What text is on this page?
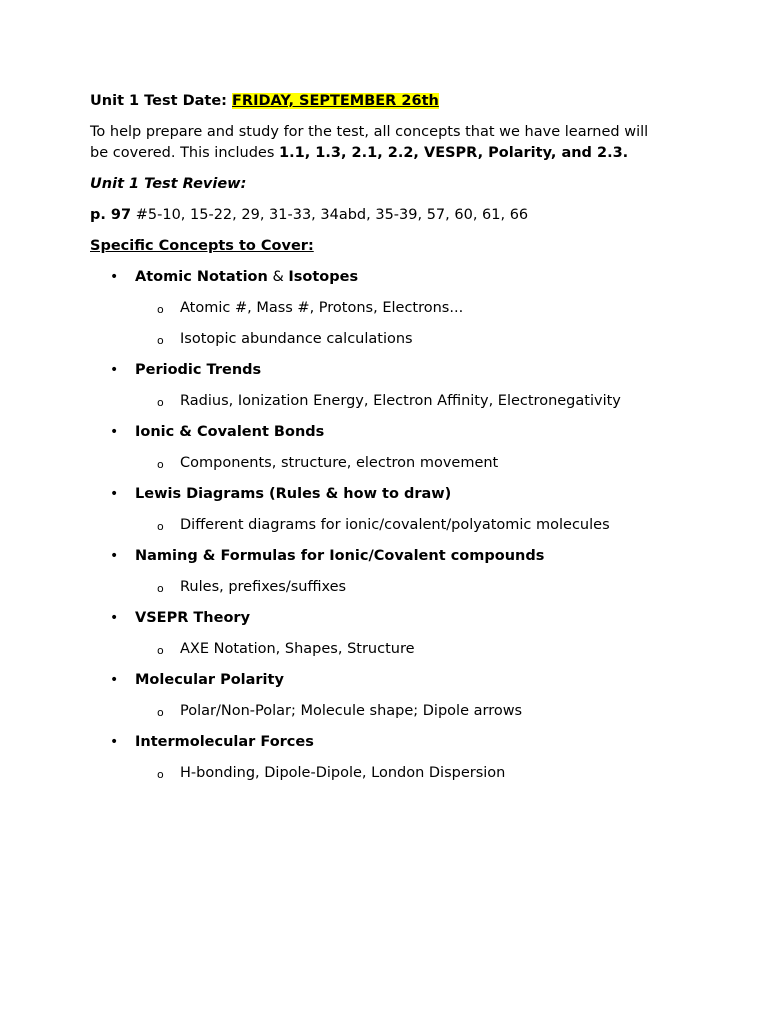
Unit 1 Test Date: FRIDAY, SEPTEMBER 26th

To help prepare and study for the test, all concepts that we have learned will
be covered. This includes 1.1, 1.3, 2.1, 2.2, VESPR, Polarity, and 2.3.

Unit 1 Test Review:

p. 97 #5-10, 15-22, 29, 31-33, 34abd, 35-39, 57, 60, 61, 66

Specific Concepts to Cover:

• Atomic Notation & Isotopes
o Atomic #, Mass #, Protons, Electrons...
o Isotopic abundance calculations
• Periodic Trends
o Radius, Ionization Energy, Electron Affinity, Electronegativity
• Ionic & Covalent Bonds
o Components, structure, electron movement
• Lewis Diagrams (Rules & how to draw)
o Different diagrams for ionic/covalent/polyatomic molecules
• Naming & Formulas for Ionic/Covalent compounds
o Rules, prefixes/suffixes
• VSEPR Theory
o AXE Notation, Shapes, Structure
• Molecular Polarity
o Polar/Non-Polar; Molecule shape; Dipole arrows
• Intermolecular Forces
o H-bonding, Dipole-Dipole, London Dispersion
